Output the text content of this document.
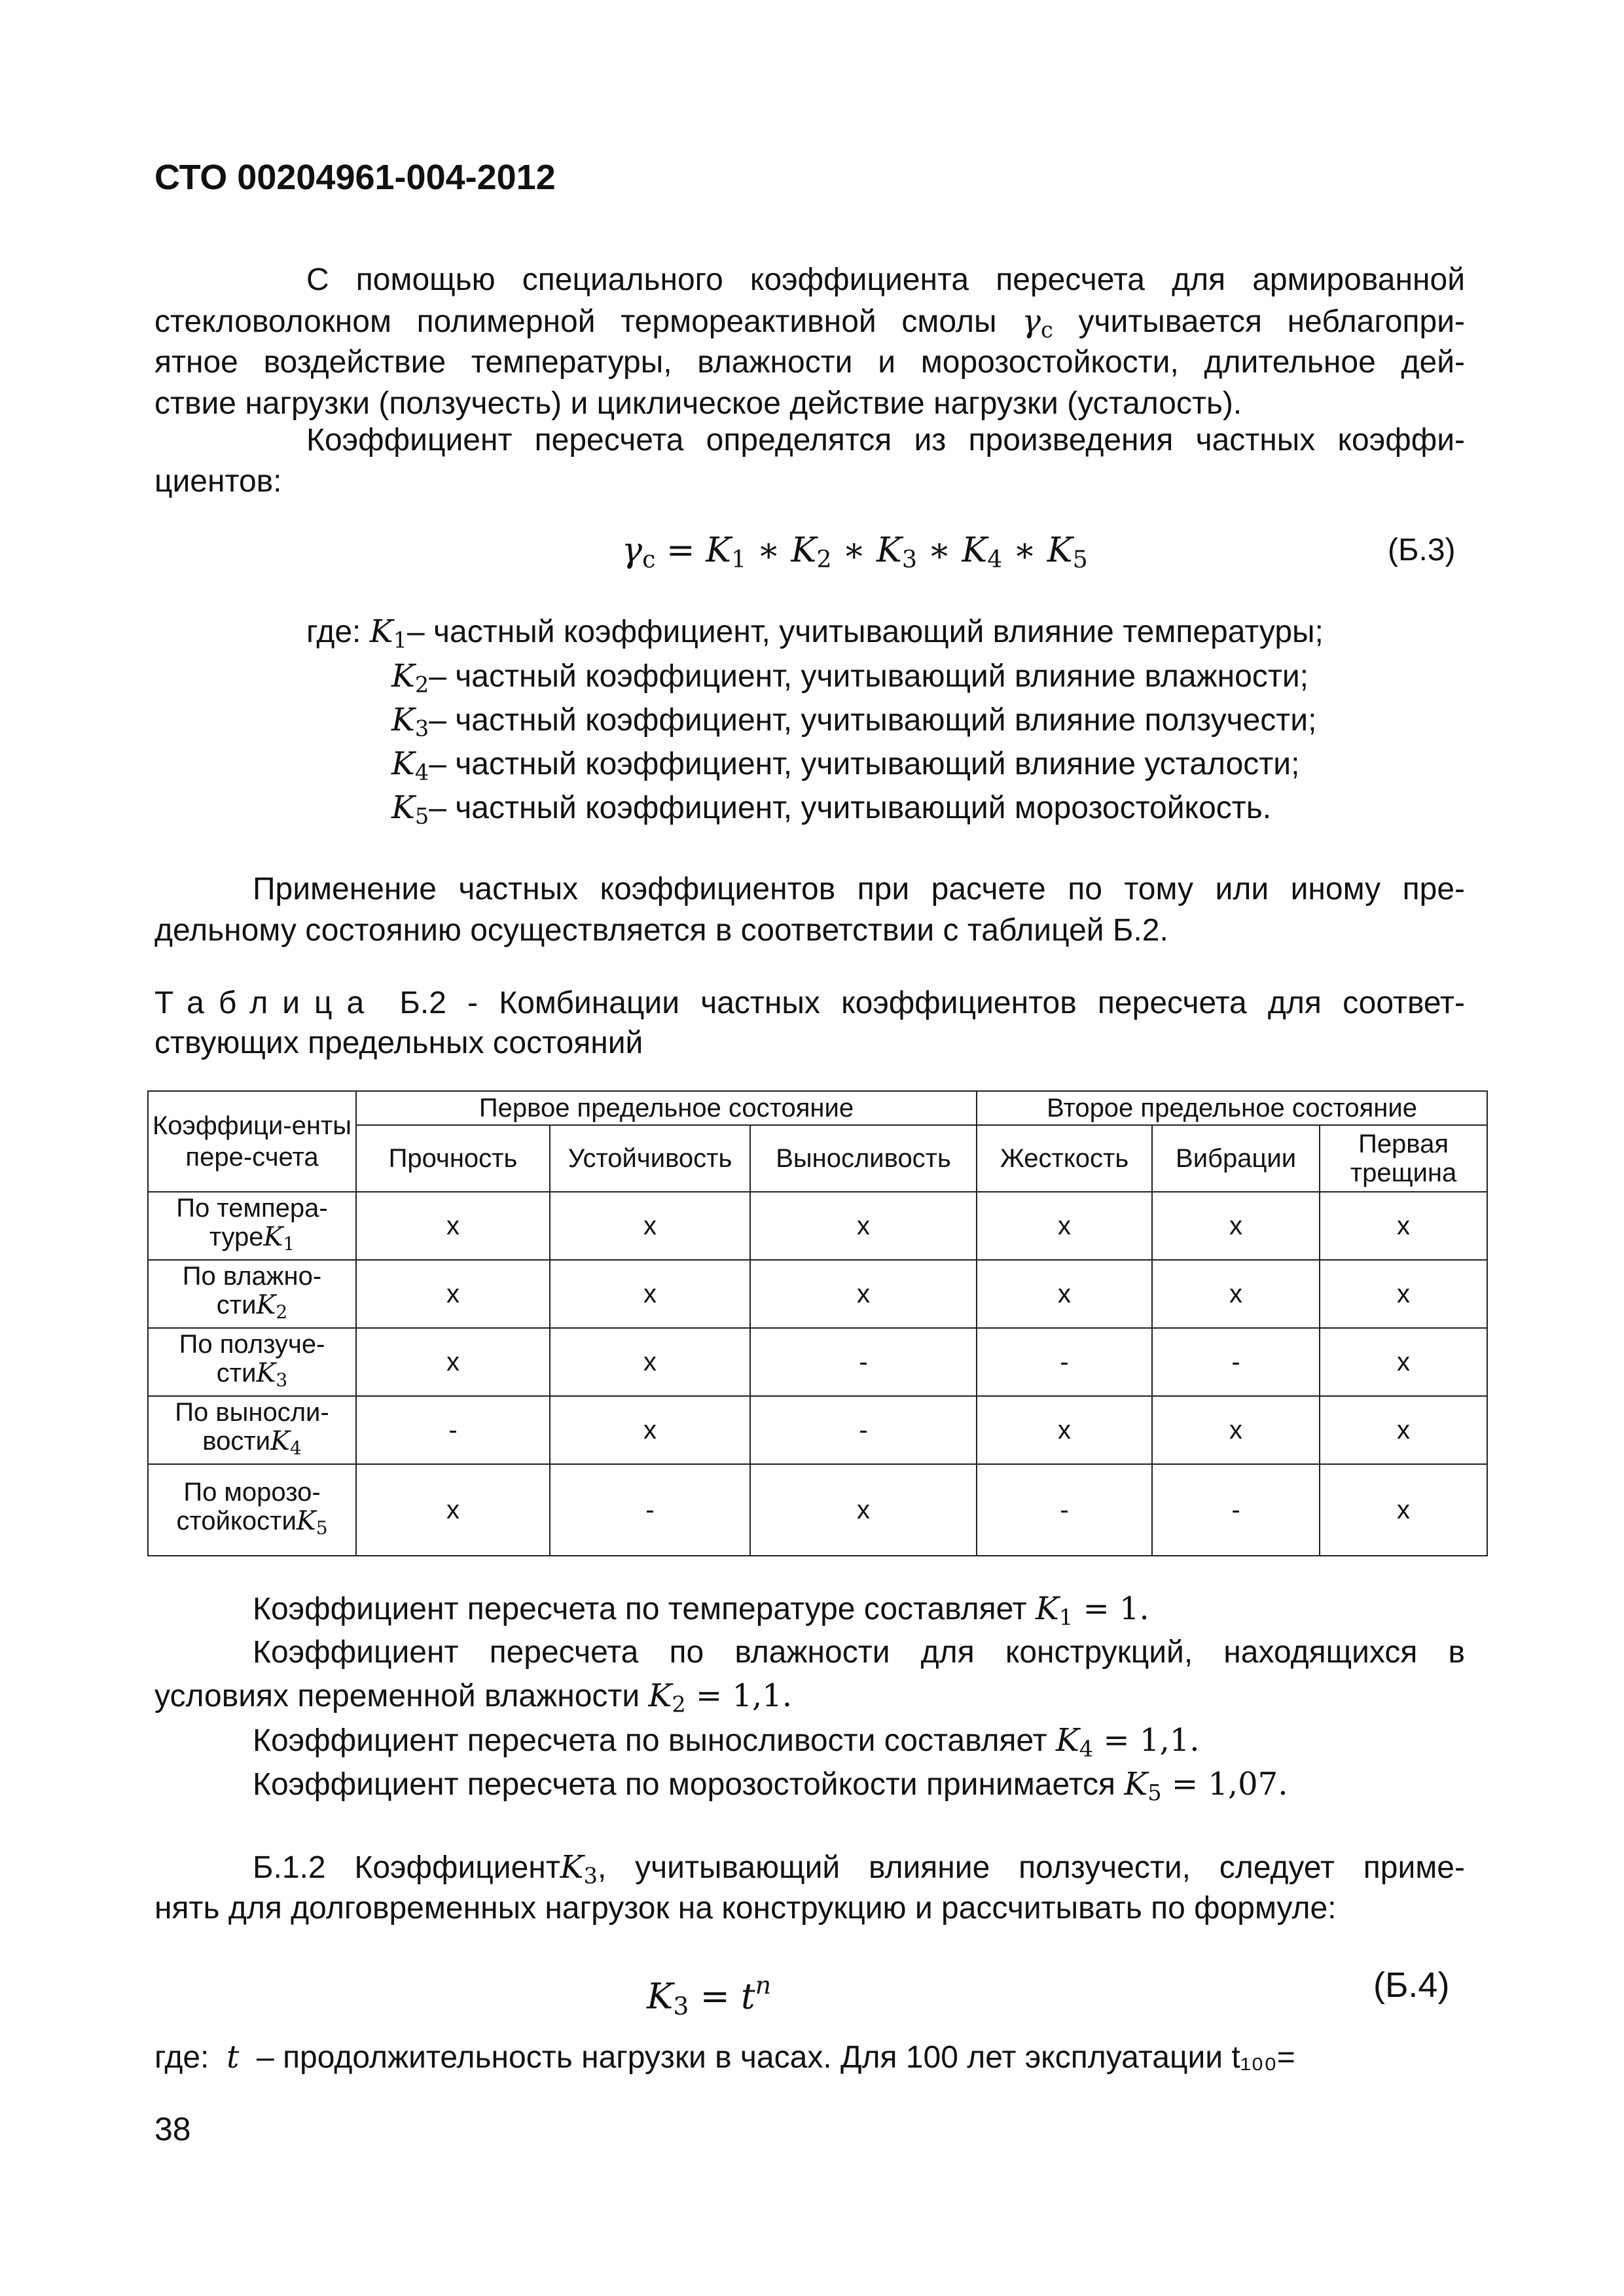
СТО 00204961-004-2012
С помощью специального коэффициента пересчета для армированной
стекловолокном полимерной термореактивной смолы $\gamma_c$ учитывается неблагопри-
ятное воздействие температуры, влажности и морозостойкости, длительное дей-
ствие нагрузки (ползучесть) и циклическое действие нагрузки (усталость).
Коэффициент пересчета определятся из произведения частных коэффи-
циентов:
$\gamma_c = K_1$ ∗ $K_2$ ∗ $K_3$ ∗ $K_4$ ∗ $K_5$	(Б.3)
где: $K_1-$ частный коэффициент, учитывающий влияние температуры;
$K_2-$ частный коэффициент, учитывающий влияние влажности;
$K_3-$ частный коэффициент, учитывающий влияние ползучести;
$K_4-$ частный коэффициент, учитывающий влияние усталости;
$K_5-$ частный коэффициент, учитывающий морозостойкость.
Применение частных коэффициентов при расчете по тому или иному пре-
дельному состоянию осуществляется в соответствии с таблицей Б.2.
Таблица Б.2 - Комбинации частных коэффициентов пересчета для соответ-
ствующих предельных состояний
Коэффици-енты пере-счета	Первое предельное состояние			Второе предельное состояние		
	Прочность	Устойчивость	Выносливость	Жесткость	Вибрации	Первая трещина
По темпера-туреK$_1$	x	x	x	x	x	x
По влажно-стиK$_2$	x	x	x	x	x	x
По ползуче-стиK$_3$	x	x	-	-	-	x
По выносли-востиK$_4$	-	x	-	x	x	x
По морозо-стойкостиK$_5$	x	-	x	-	-	x
Коэффициент пересчета по температуре составляет $K_1 = 1$.
Коэффициент пересчета по влажности для конструкций, находящихся в
условиях переменной влажности $K_2 = 1,1$.
Коэффициент пересчета по выносливости составляет $K_4 = 1,1$.
Коэффициент пересчета по морозостойкости принимается $K_5 = 1,07$.
Б.1.2 КоэффициентK$_3$, учитывающий влияние ползучести, следует приме-
нять для долговременных нагрузок на конструкцию и рассчитывать по формуле:
$K_3 = t^n$	(Б.4)
где: t – продолжительность нагрузки в часах. Для 100 лет эксплуатации t₁₀₀=
38
